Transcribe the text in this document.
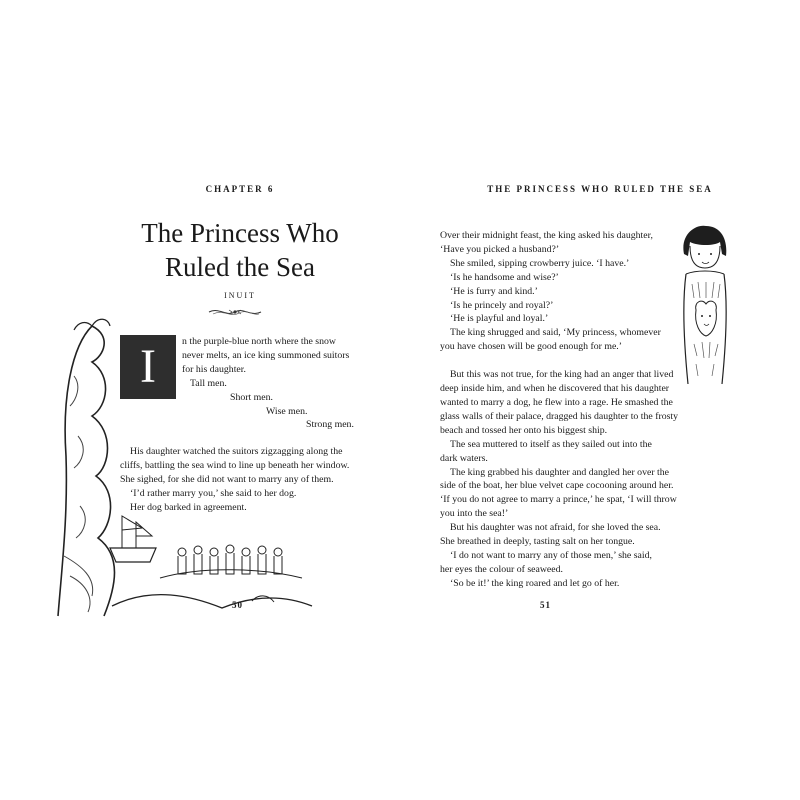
CHAPTER 6
The Princess Who
Ruled the Sea
INUIT
I	n the purple-blue north where the snow
never melts, an ice king summoned suitors
for his daughter.
Tall men.
Short men.
Wise men.
Strong men.
His daughter watched the suitors zigzagging along the
cliffs, battling the sea wind to line up beneath her window.
She sighed, for she did not want to marry any of them.
‘I’d rather marry you,’ she said to her dog.
Her dog barked in agreement.
50
THE PRINCESS WHO RULED THE SEA
Over their midnight feast, the king asked his daughter,
‘Have you picked a husband?’
She smiled, sipping crowberry juice. ‘I have.’
‘Is he handsome and wise?’
‘He is furry and kind.’
‘Is he princely and royal?’
‘He is playful and loyal.’
The king shrugged and said, ‘My princess, whomever
you have chosen will be good enough for me.’
But this was not true, for the king had an anger that lived
deep inside him, and when he discovered that his daughter
wanted to marry a dog, he flew into a rage. He smashed the
glass walls of their palace, dragged his daughter to the frosty
beach and tossed her onto his biggest ship.
The sea muttered to itself as they sailed out into the
dark waters.
The king grabbed his daughter and dangled her over the
side of the boat, her blue velvet cape cocooning around her.
‘If you do not agree to marry a prince,’ he spat, ‘I will throw
you into the sea!’
But his daughter was not afraid, for she loved the sea.
She breathed in deeply, tasting salt on her tongue.
‘I do not want to marry any of those men,’ she said,
her eyes the colour of seaweed.
‘So be it!’ the king roared and let go of her.
51
